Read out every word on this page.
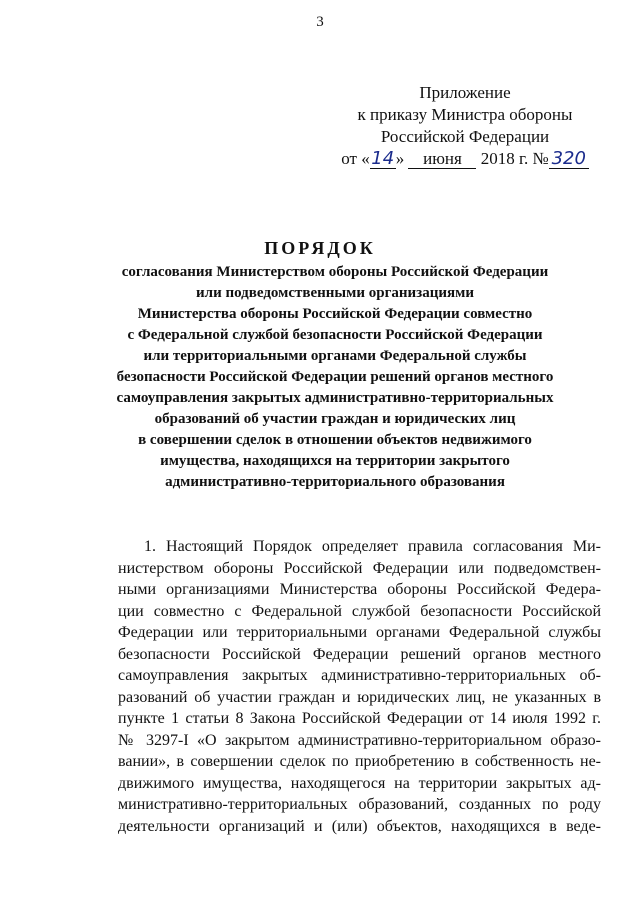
3
Приложение
к приказу Министра обороны
Российской Федерации
от «14» июня 2018 г. № 320
ПОРЯДОК
согласования Министерством обороны Российской Федерации
или подведомственными организациями
Министерства обороны Российской Федерации совместно
с Федеральной службой безопасности Российской Федерации
или территориальными органами Федеральной службы
безопасности Российской Федерации решений органов местного
самоуправления закрытых административно-территориальных
образований об участии граждан и юридических лиц
в совершении сделок в отношении объектов недвижимого
имущества, находящихся на территории закрытого
административно-территориального образования
1. Настоящий Порядок определяет правила согласования Ми-
нистерством обороны Российской Федерации или подведомствен-
ными организациями Министерства обороны Российской Федера-
ции совместно с Федеральной службой безопасности Российской
Федерации или территориальными органами Федеральной службы
безопасности Российской Федерации решений органов местного
самоуправления закрытых административно-территориальных об-
разований об участии граждан и юридических лиц, не указанных в
пункте 1 статьи 8 Закона Российской Федерации от 14 июля 1992 г.
№ 3297-I «О закрытом административно-территориальном образо-
вании», в совершении сделок по приобретению в собственность не-
движимого имущества, находящегося на территории закрытых ад-
министративно-территориальных образований, созданных по роду
деятельности организаций и (или) объектов, находящихся в веде-
